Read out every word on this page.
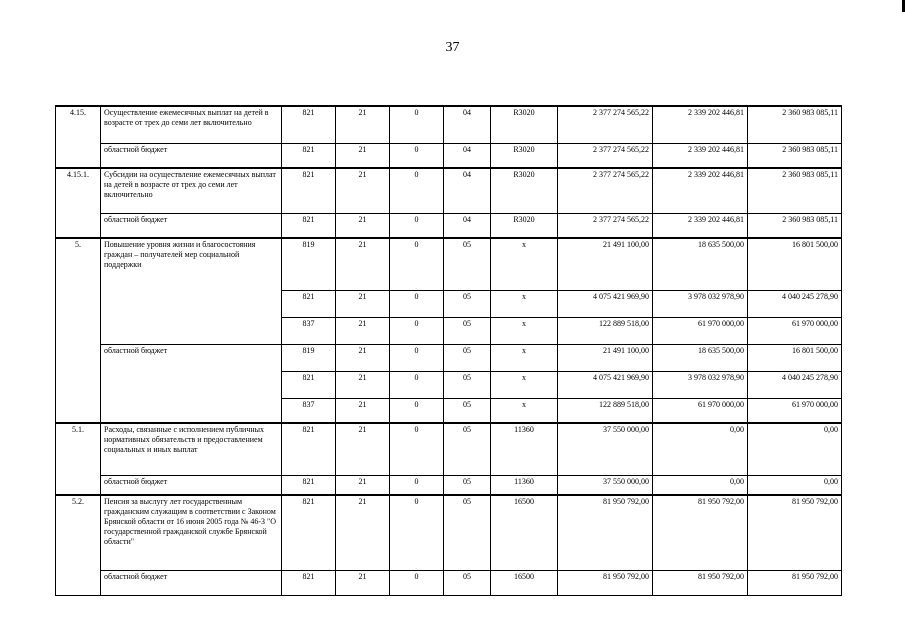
37
4.15.	Осуществление ежемесячных выплат на детей в возрасте от трех до семи лет включительно	821	21	0	04	R3020	2 377 274 565,22	2 339 202 446,81	2 360 983 085,11
	областной бюджет	821	21	0	04	R3020	2 377 274 565,22	2 339 202 446,81	2 360 983 085,11
4.15.1.	Субсидии на осуществление ежемесячных выплат на детей в возрасте от трех до семи лет включительно	821	21	0	04	R3020	2 377 274 565,22	2 339 202 446,81	2 360 983 085,11
	областной бюджет	821	21	0	04	R3020	2 377 274 565,22	2 339 202 446,81	2 360 983 085,11
5.	Повышение уровня жизни и благосостояния граждан – получателей мер социальной поддержки	819	21	0	05	х	21 491 100,00	18 635 500,00	16 801 500,00
		821	21	0	05	х	4 075 421 969,90	3 978 032 978,90	4 040 245 278,90
		837	21	0	05	х	122 889 518,00	61 970 000,00	61 970 000,00
	областной бюджет	819	21	0	05	х	21 491 100,00	18 635 500,00	16 801 500,00
		821	21	0	05	х	4 075 421 969,90	3 978 032 978,90	4 040 245 278,90
		837	21	0	05	х	122 889 518,00	61 970 000,00	61 970 000,00
5.1.	Расходы, связанные с исполнением публичных нормативных обязательств и предоставлением социальных и иных выплат	821	21	0	05	11360	37 550 000,00	0,00	0,00
	областной бюджет	821	21	0	05	11360	37 550 000,00	0,00	0,00
5.2.	Пенсия за выслугу лет государственным гражданским служащим в соответствии с Законом Брянской области от 16 июня 2005 года № 46-З "О государственной гражданской службе Брянской области"	821	21	0	05	16500	81 950 792,00	81 950 792,00	81 950 792,00
	областной бюджет	821	21	0	05	16500	81 950 792,00	81 950 792,00	81 950 792,00
